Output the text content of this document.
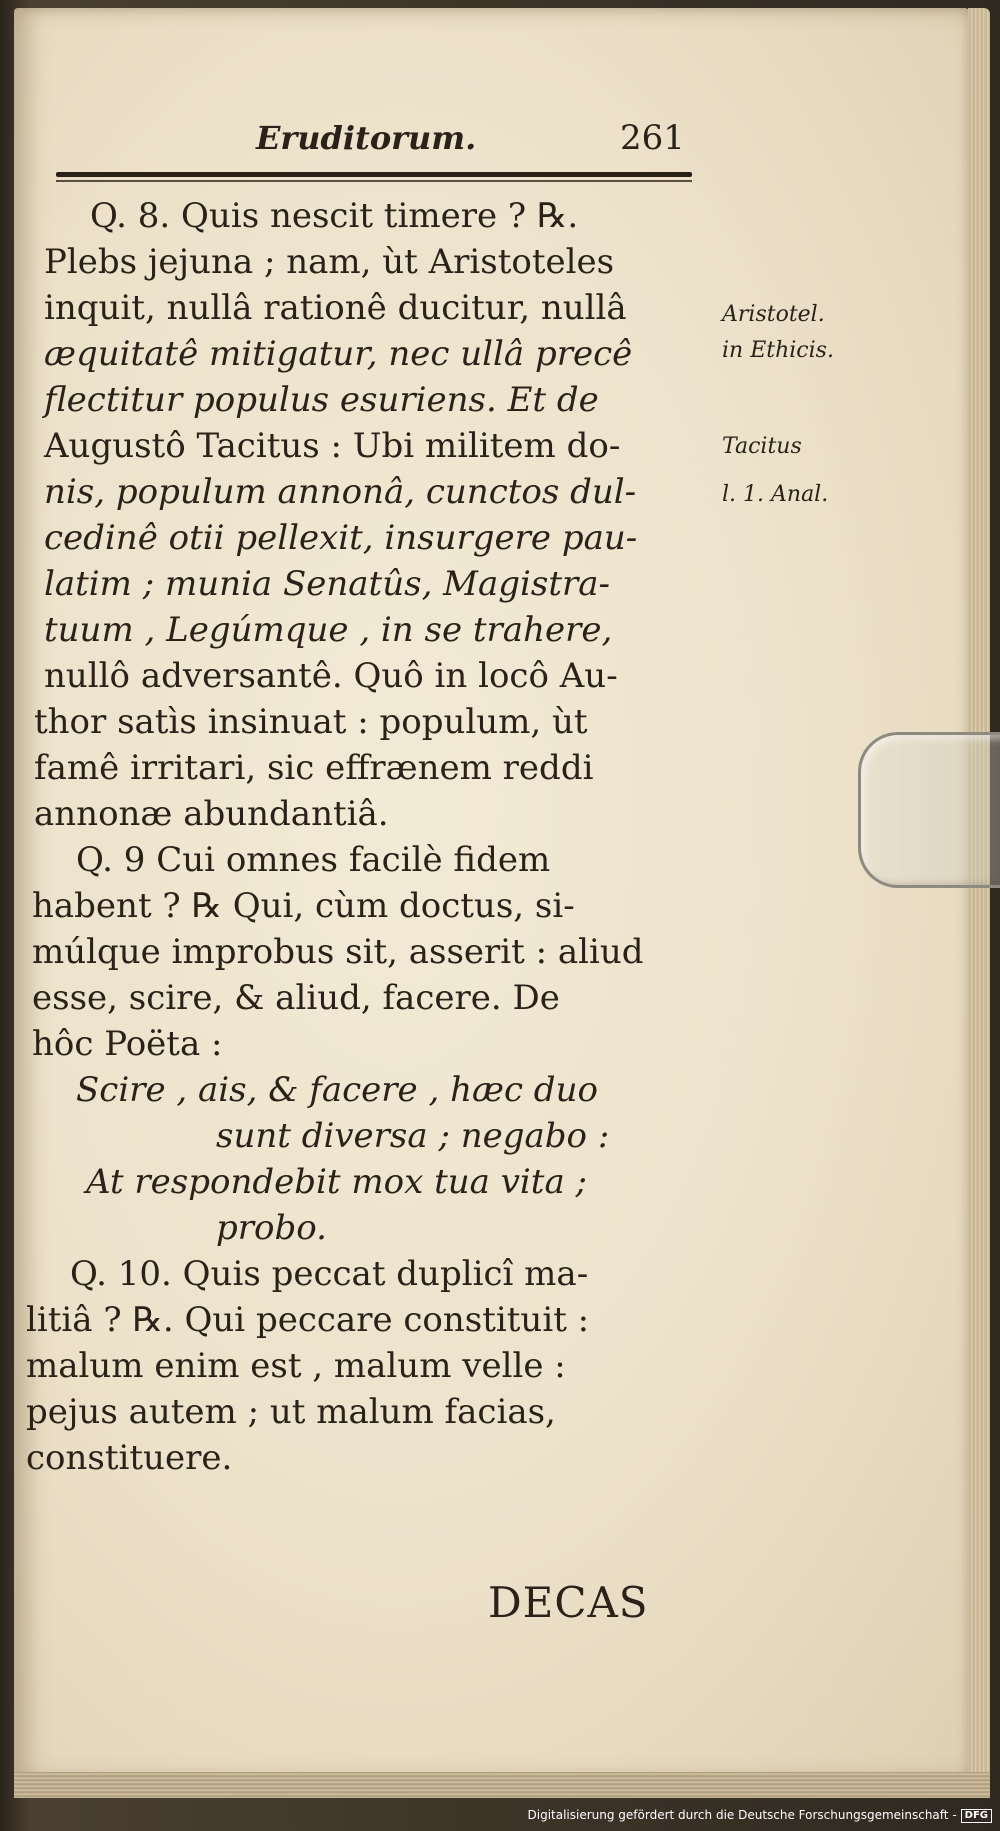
Eruditorum.	261
Q. 8. Quis nescit timere ? ℞.
Plebs jejuna ; nam, ùt Aristoteles
inquit, nullâ rationê ducitur, nullâ
æquitatê mitigatur, nec ullâ precê
flectitur populus esuriens. Et de
Augustô Tacitus : Ubi militem do-
nis, populum annonâ, cunctos dul-
cedinê otii pellexit, insurgere pau-
latim ; munia Senatûs, Magistra-
tuum , Legúmque , in se trahere,
nullô adversantê. Quô in locô Au-
thor satìs insinuat : populum, ùt
famê irritari, sic effrænem reddi
annonæ abundantiâ.
Q. 9 Cui omnes facilè fidem
habent ? ℞ Qui, cùm doctus, si-
múlque improbus sit, asserit : aliud
esse, scire, & aliud, facere. De
hôc Poëta :
Scire , ais, & facere , hæc duo
sunt diversa ; negabo :
At respondebit mox tua vita ;
probo.
Q. 10. Quis peccat duplicî ma-
litiâ ? ℞. Qui peccare constituit :
malum enim est , malum velle :
pejus autem ; ut malum facias,
constituere.
Aristotel.
in Ethicis.
Tacitus
l. 1. Anal.
DECAS
Digitalisierung gefördert durch die Deutsche Forschungsgemeinschaft - DFG
